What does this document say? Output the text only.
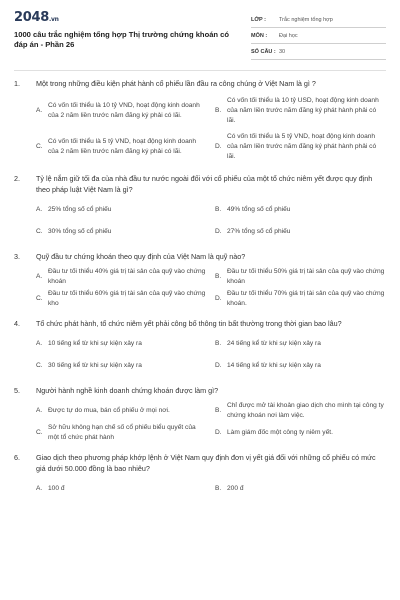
2048.vn
1000 câu trắc nghiệm tổng hợp Thị trường chứng khoán có đáp án - Phần 26
LỚP :	Trắc nghiệm tổng hợp
MÔN :	Đại học
SỐ CÂU : 30
1.	Một trong những điều kiện phát hành cổ phiếu lần đầu ra công chúng ở Việt Nam là gì ?
A.
Có vốn tối thiểu là 10 tỷ VND, hoạt động kinh doanh của 2 năm liền trước năm đăng ký phải có lãi.
B.
Có vốn tối thiểu là 10 tỷ USD, hoạt động kinh doanh của năm liền trước năm đăng ký phát hành phải có lãi.
C.
Có vốn tối thiểu là 5 tỷ VND, hoạt động kinh doanh của 2 năm liền trước năm đăng ký phải có lãi.
D.
Có vốn tối thiểu là 5 tỷ VND, hoạt động kinh doanh của năm liền trước năm đăng ký phát hành phải có lãi.
2.	Tỷ lệ nắm giữ tối đa của nhà đầu tư nước ngoài đối với cổ phiếu của một tổ chức niêm yết được quy định theo pháp luật Việt Nam là gì?
A. 25% tổng số cổ phiếu	B. 49% tổng số cổ phiếu
C. 30% tổng số cổ phiếu	D. 27% tổng số cổ phiếu
3.	Quỹ đầu tư chứng khoán theo quy định của Việt Nam là quỹ nào?
A.
Đầu tư tối thiểu 40% giá trị tài sản của quỹ vào chứng khoán
B.
Đầu tư tối thiểu 50% giá trị tài sản của quỹ vào chứng khoán
C.
Đầu tư tối thiểu 60% giá trị tài sản của quỹ vào chứng kho
D.
Đầu tư tối thiểu 70% giá trị tài sản của quỹ vào chứng khoán.
4.	Tổ chức phát hành, tổ chức niêm yết phải công bố thông tin bất thường trong thời gian bao lâu?
A. 10 tiếng kể từ khi sự kiện xảy ra	B. 24 tiếng kể từ khi sự kiện xảy ra
C. 30 tiếng kể từ khi sự kiện xảy ra	D. 14 tiếng kể từ khi sự kiện xảy ra
5.	Người hành nghề kinh doanh chứng khoán được làm gì?
A. Được tự do mua, bán cổ phiếu ở mọi nơi.	B.
Chỉ được mở tài khoản giao dịch cho mình tại công ty chứng khoán nơi làm việc.
C.
Sở hữu không hạn chế số cổ phiếu biểu quyết của một tổ chức phát hành
D. Làm giám đốc một công ty niêm yết.
6.	Giao dịch theo phương pháp khớp lệnh ở Việt Nam quy định đơn vị yết giá đối với những cổ phiếu có mức giá dưới 50.000 đồng là bao nhiêu?
A. 100 đ	B. 200 đ
